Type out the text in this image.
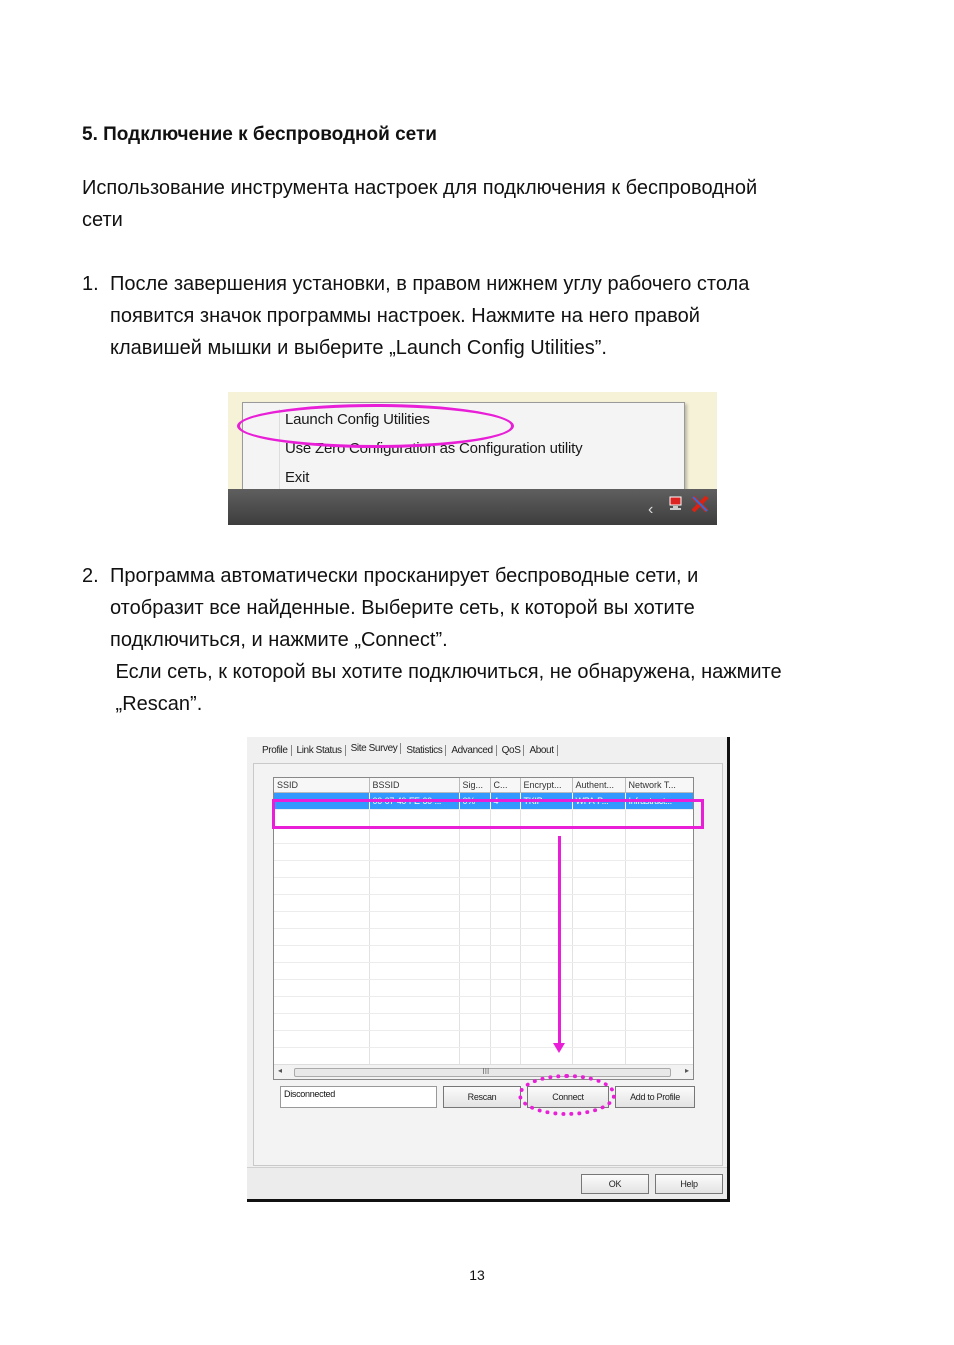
5. Подключение к беспроводной сети
Использование инструмента настроек для подключения к беспроводной
сети
1. После завершения установки, в правом нижнем углу рабочего стола
появится значок программы настроек. Нажмите на него правой
клавишей мышки и выберите „Launch Config Utilities”.
Launch Config Utilities
Use Zero Configuration as Configuration utility
Exit
‹
2. Программа автоматически просканирует беспроводные сети, и
отобразит все найденные. Выберите сеть, к которой вы хотите
подключиться, и нажмите „Connect”.
Если сеть, к которой вы хотите подключиться, не обнаружена, нажмите
„Rescan”.
Profile Link Status Site Survey Statistics Advanced QoS About
SSID	BSSID	Sig...	C...	Encrypt...	Authent...	Network T...
	00-07-40-FE-60-...	0%	4	TKIP	WPA-P...	Infrastruct...

◂	III	▸
Disconnected	Rescan	Connect	Add to Profile
OK	Help
13
